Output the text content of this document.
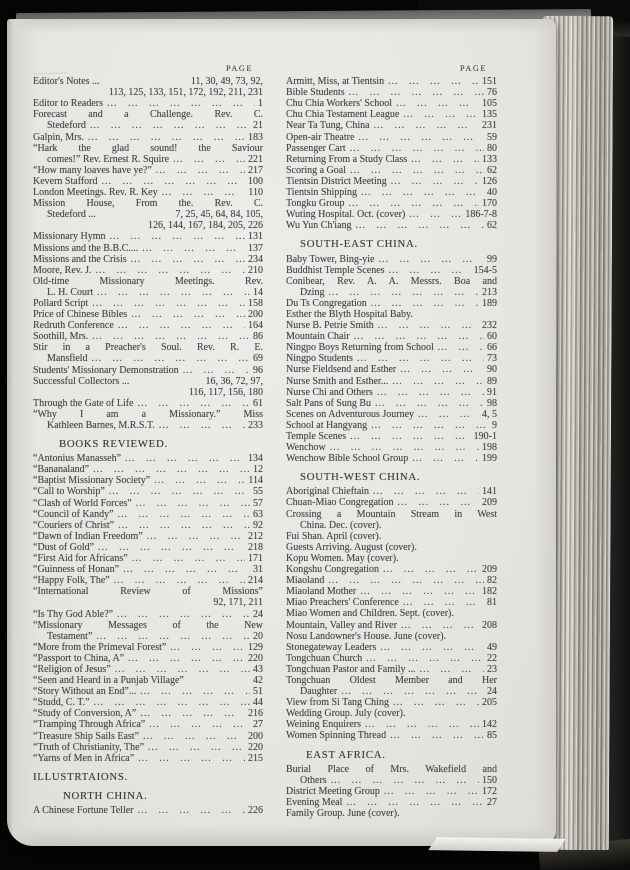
PAGE
Editor's Notes ...	11, 30, 49, 73, 92,
113, 125, 133, 151, 172, 192, 211, 231
Editor to Readers ...	1
Forecast and a Challenge. Rev. C.
Stedeford ...	21
Galpin, Mrs. ...	183
“Hark the glad sound! the Saviour
comes!” Rev. Ernest R. Squire ...	221
“How many loaves have ye?” ...	217
Kevern Stafford ...	100
London Meetings. Rev. R. Key ...	110
Mission House, From the. Rev. C.
Stedeford ...	7, 25, 45, 64, 84, 105,
126, 144, 167, 184, 205, 226
Missionary Hymn ...	131
Missions and the B.B.C.... ...	137
Missions and the Crisis ...	234
Moore, Rev. J. ...	210
Old-time Missionary Meetings. Rev.
L. H. Court ...	14
Pollard Script ...	158
Price of Chinese Bibles ...	200
Redruth Conference ...	164
Soothill, Mrs. ...	86
Stir in a Preacher's Soul. Rev. R. E.
Mansfield ...	69
Students' Missionary Demonstration ...	96
Successful Collectors ...	16, 36, 72, 97,
116, 117, 156, 180
Through the Gate of Life ...	61
“Why I am a Missionary.” Miss
Kathleen Barnes, M.R.S.T. ...	233
BOOKS REVIEWED.
“Antonius Manasseh” ...	134
“Bananaland” ...	12
“Baptist Missionary Society” ...	114
“Call to Worship” ...	55
“Clash of World Forces” ...	57
“Council of Kandy” ...	63
“Couriers of Christ” ...	92
“Dawn of Indian Freedom” ...	212
“Dust of Gold” ...	218
“First Aid for Africans” ...	171
“Guinness of Honan” ...	31
“Happy Folk, The” ...	214
“International Review of Missions”
92, 171, 211
“Is Thy God Able?” ...	24
“Missionary Messages of the New
Testament” ...	20
“More from the Primeval Forest” ...	129
“Passport to China, A” ...	220
“Religion of Jesus” ...	43
“Seen and Heard in a Punjab Village”	42
“Story Without an End”... ...	51
“Studd, C. T.” ...	44
“Study of Conversion, A” ...	216
“Tramping Through Africa” ...	27
“Treasure Ship Sails East” ...	200
“Truth of Christianity, The” ...	220
“Yarns of Men in Africa” ...	215
ILLUSTRTAIONS.
NORTH CHINA.
A Chinese Fortune Teller ...	226
PAGE
Armitt, Miss, at Tientsin ...	151
Bible Students ...	76
Chu Chia Workers' School ...	105
Chu Chia Testament League ...	135
Near Ta Tung, China ...	231
Open-air Theatre ...	59
Passenger Cart ...	80
Returning From a Study Class ...	133
Scoring a Goal ...	62
Tientsin District Meeting ...	126
Tientsin Shipping ...	40
Tongku Group ...	170
Wuting Hospital. Oct. (cover) ...	186-7-8
Wu Yun Ch'iang ...	62
SOUTH-EAST CHINA.
Baby Tower, Bing-yie ...	99
Buddhist Temple Scenes ...	154-5
Conibear, Rev. A. A. Messrs. Boa and
Dzing ...	213
Du Ts Congregation ...	189
Esther the Blyth Hospital Baby.
Nurse B. Petrie Smith ...	232
Mountain Chair ...	60
Ningpo Boys Returning from School ...	66
Ningpo Students ...	73
Nurse Fieldsend and Esther ...	90
Nurse Smith and Esther... ...	89
Nurse Chi and Others ...	91
Salt Pans of Sung Bu ...	98
Scenes on Adventurous Journey ...	4, 5
School at Hangyang ...	9
Temple Scenes ...	190-1
Wenchow ...	198
Wenchow Bible School Group ...	199
SOUTH-WEST CHINA.
Aboriginal Chieftain ...	141
Chuan-Miao Congregation ...	209
Crossing a Mountain Stream in West
China. Dec. (cover).
Fui Shan. April (cover).
Guests Arriving. August (cover).
Kopu Women. May (cover).
Kongshu Congregation ...	209
Miaoland ...	82
Miaoland Mother ...	182
Miao Preachers' Conference ...	81
Miao Women and Children. Sept. (cover).
Mountain, Valley and River ...	208
Nosu Landowner's House. June (cover).
Stonegateway Leaders ...	49
Tongchuan Church ...	22
Tongchuan Pastor and Family ... ...	23
Tongchuan Oldest Member and Her
Daughter ...	24
View from Si Tang Ching ...	205
Wedding Group. July (cover).
Weining Enquirers ...	142
Women Spinning Thread ...	85
EAST AFRICA.
Burial Place of Mrs. Wakefield and
Others ...	150
District Meeting Group ...	172
Evening Meal ...	27
Family Group. June (cover).
